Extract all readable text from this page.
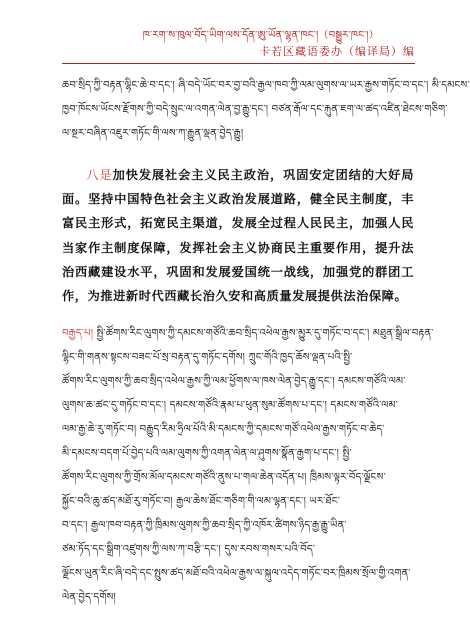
ཁ་རག་ས་ཁུལ་བོད་ཡིག་ལས་དོན་ཨུ་ཡོན་ལྷན་ཁང་།（བསྒྱུར་ཁང་།）
卡若区藏语委办（编译局）编
ཆབ་སྲིད་ཀྱི་བརྟན་ལྷིང་ཆེ་བ་དང་། ཞི་བདེ་ཡོང་བར་བྱ་བའི་རྒྱལ་ཁབ་ཀྱི་ལམ་ལུགས་ལ་ཡར་རྒྱས་གཏོང་བ་དང་། མི་དམངས་
ཁྱབ་ཁོངས་ཡོངས་རྫོགས་ཀྱི་བདེ་སྲུང་ལ་འགན་ལེན་བྱ་རྒྱུ་དང་། བཙན་རྒོལ་དང་རྐུན་ཇག་ལ་ཚད་འཛིན་ཐེངས་གཅིག་
ལ་སྔར་བཞིན་འཇུར་གཏོང་གི་ལས་ཀ་རྒྱུན་ལྡན་བྱེད་རྒྱུ།
八是加快发展社会主义民主政治，巩固安定团结的大好局面。坚持中国特色社会主义政治发展道路，健全民主制度，丰富民主形式，拓宽民主渠道，发展全过程人民民主，加强人民当家作主制度保障，发挥社会主义协商民主重要作用，提升法治西藏建设水平，巩固和发展爱国统一战线，加强党的群团工作，为推进新时代西藏长治久安和高质量发展提供法治保障。
བརྒྱད་པ། སྤྱི་ཚོགས་རིང་ལུགས་ཀྱི་དམངས་གཙོའི་ཆབ་སྲིད་འཕེལ་རྒྱས་མྱུར་དུ་གཏོང་བ་དང་། མཐུན་སྒྲིལ་བརྟན་
ལྷིང་གི་གནས་སྟངས་བཟང་པོ་སྲ་བརྟན་དུ་གཏོང་དགོས། ཀྲུང་གོའི་ཁྱད་ཆོས་ལྡན་པའི་སྤྱི་
ཚོགས་རིང་ལུགས་ཀྱི་ཆབ་སྲིད་འཕེལ་རྒྱས་ཀྱི་ལམ་ཕྱོགས་ལ་ཁས་ལེན་བྱེད་རྒྱུ་དང་། དམངས་གཙོའི་ལམ་
ལུགས་ཆ་ཚང་དུ་གཏོང་བ་དང་། དམངས་གཙོའི་རྣམ་པ་ཕུན་སུམ་ཚོགས་པ་དང་། དམངས་གཙོའི་ལམ་
ལམ་རྒྱ་ཆེ་རུ་གཏོང་བ། བརྒྱུད་རིམ་ཧྲིལ་པོའི་མི་དམངས་ཀྱི་དམངས་གཙོ་འཕེལ་རྒྱས་གཏོང་བ་ཆེད་
མི་དམངས་བདག་པོ་བྱེད་པའི་ལམ་ལུགས་ཀྱི་འགན་ལེན་ལ་ཤུགས་སྣོན་རྒྱག་པ་དང་། སྤྱི་
ཚོགས་རིང་ལུགས་ཀྱི་གྲོས་མོལ་དམངས་གཙོའི་ནུས་པ་གལ་ཆེན་འདོན་པ། ཁྲིམས་ལྟར་བོད་ལྗོངས་
སྐྱོང་བའི་ཆུ་ཚད་མཐོ་རུ་གཏོང་བ། རྒྱལ་ཆེས་ཐོང་གཅིག་གི་ལམ་ལྷན་དང་། ཡར་ཐོང་
བ་དང་། རྒྱལ་ཁབ་བརྟན་ཀྱི་ཁྲིམས་ལུགས་ཀྱི་ཆབ་སྲིད་ཀྱི་འཁོར་ཚིགས་ཉིད་རྒྱ་རྒྱུ་ཡིན་
ཙམ་ཏོད་དང་སྒྲིག་འཛུགས་ཀྱི་ལས་ཀ་བརྩི་དང་། དུས་རབས་གསར་པའི་བོད་
ལྗོངས་ཡུན་རིང་ཞི་བདེ་དང་སྤུས་ཚད་མཐོ་བའི་འཕེལ་རྒྱས་ལ་སྐུལ་འདེད་གཏོང་བར་ཁྲིམས་སྲོལ་གྱི་འགན་
ལེན་བྱེད་དགོས།
